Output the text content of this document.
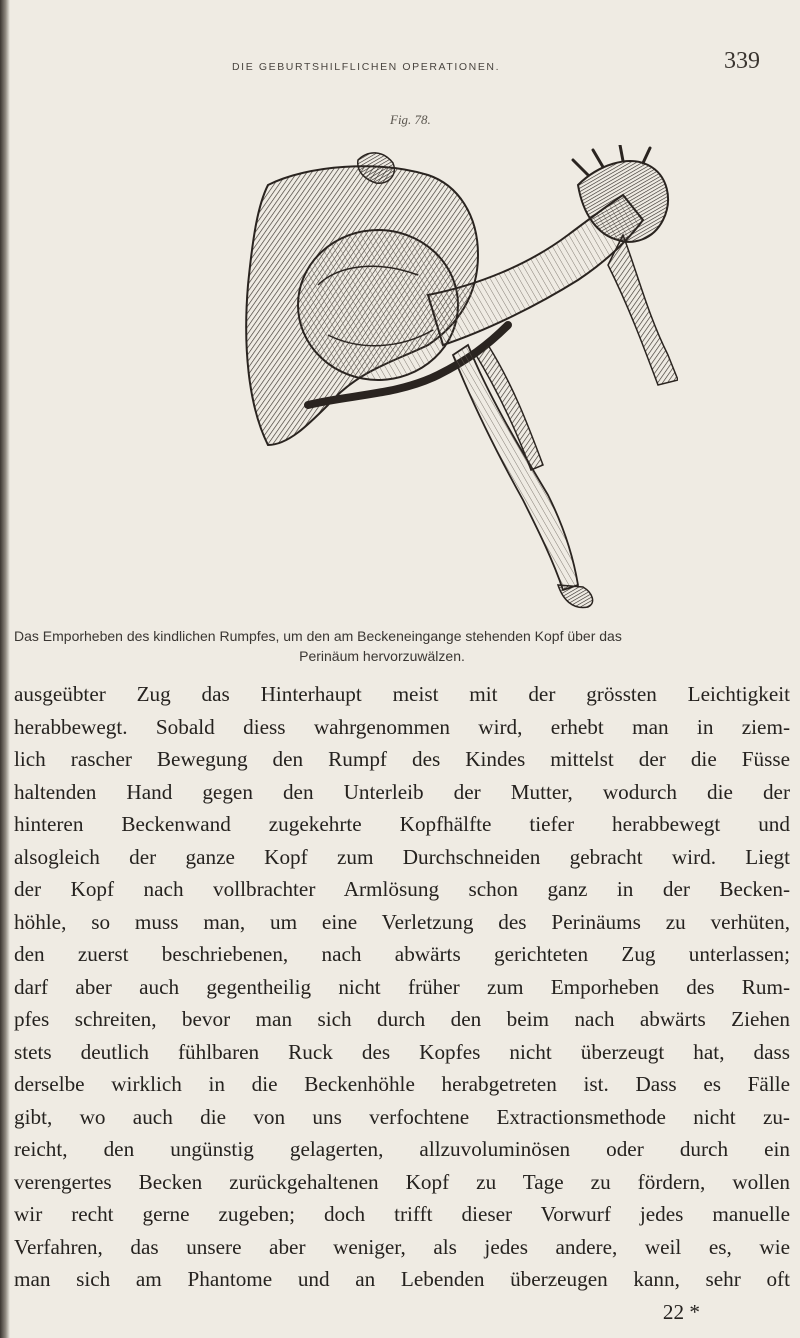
DIE GEBURTSHILFLICHEN OPERATIONEN.	339
Fig. 78.
Das Emporheben des kindlichen Rumpfes, um den am Beckeneingange stehenden Kopf über das
Perinäum hervorzuwälzen.
ausgeübter Zug das Hinterhaupt meist mit der grössten Leichtigkeit
herabbewegt. Sobald diess wahrgenommen wird, erhebt man in ziem-
lich rascher Bewegung den Rumpf des Kindes mittelst der die Füsse
haltenden Hand gegen den Unterleib der Mutter, wodurch die der
hinteren Beckenwand zugekehrte Kopfhälfte tiefer herabbewegt und
alsogleich der ganze Kopf zum Durchschneiden gebracht wird. Liegt
der Kopf nach vollbrachter Armlösung schon ganz in der Becken-
höhle, so muss man, um eine Verletzung des Perinäums zu verhüten,
den zuerst beschriebenen, nach abwärts gerichteten Zug unterlassen;
darf aber auch gegentheilig nicht früher zum Emporheben des Rum-
pfes schreiten, bevor man sich durch den beim nach abwärts Ziehen
stets deutlich fühlbaren Ruck des Kopfes nicht überzeugt hat, dass
derselbe wirklich in die Beckenhöhle herabgetreten ist. Dass es Fälle
gibt, wo auch die von uns verfochtene Extractionsmethode nicht zu-
reicht, den ungünstig gelagerten, allzuvoluminösen oder durch ein
verengertes Becken zurückgehaltenen Kopf zu Tage zu fördern, wollen
wir recht gerne zugeben; doch trifft dieser Vorwurf jedes manuelle
Verfahren, das unsere aber weniger, als jedes andere, weil es, wie
man sich am Phantome und an Lebenden überzeugen kann, sehr oft
22 *
